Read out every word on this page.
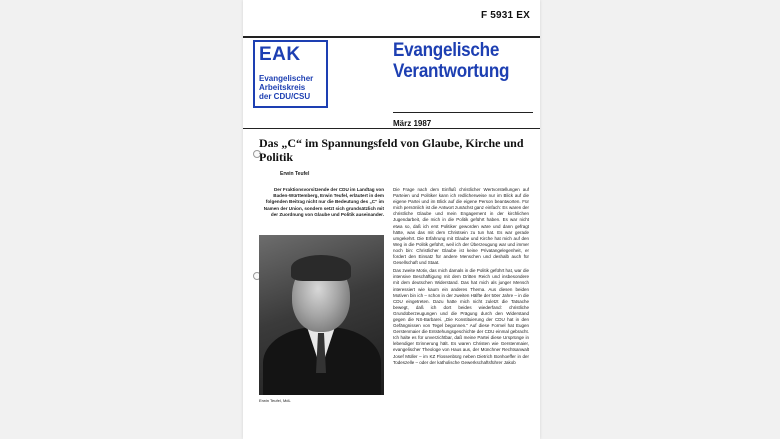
F 5931 EX
EAK
Evangelischer
Arbeitskreis
der CDU/CSU
Evangelische
Verantwortung
März 1987
Das „C“ im Spannungsfeld von Glaube, Kirche und Politik
Erwin Teufel
Der Fraktionsvorsitzende der CDU im Landtag von Baden-Württemberg, Erwin Teufel, erläutert in dem folgenden Beitrag nicht nur die Bedeutung des „C“ im Namen der Union, sondern setzt sich grundsätzlich mit der Zuordnung von Glaube und Politik auseinander.
Erwin Teufel, MdL

Die Frage nach dem Einfluß christlicher Wertvorstellungen auf Parteien und Politiker kann ich redlicherweise nur im Blick auf die eigene Partei und im Blick auf die eigene Person beantworten. Für mich persönlich ist die Antwort zunächst ganz einfach: Es waren der christliche Glaube und mein Engagement in der kirchlichen Jugendarbeit, die mich in die Politik geführt haben. Es war nicht etwa so, daß ich erst Politiker geworden wäre und dann gefragt hätte, was das mit dem Christsein zu tun hat. Es war gerade umgekehrt. Die Erfahrung mit Glaube und Kirche hat mich auf den Weg in die Politik geführt, weil ich der Überzeugung war und immer noch bin: Christlicher Glaube ist keine Privatangelegenheit, er fordert den Einsatz für andere Menschen und deshalb auch für Gesellschaft und Staat.

Das zweite Motiv, das mich damals in die Politik geführt hat, war die intensive Beschäftigung mit dem Dritten Reich und insbesondere mit dem deutschen Widerstand. Das hat mich als junger Mensch interessiert wie kaum ein anderes Thema. Aus diesen beiden Motiven bin ich – schon in der zweiten Hälfte der 50er Jahre – in die CDU eingetreten. Dazu hatte mich nicht zuletzt die Tatsache bewegt, daß ich dort beides wiederfand: christliche Grundüberzeugungen und die Prägung durch den Widerstand gegen die NS-Barbarei. „Die Konstituierung der CDU hat in den Gefängnissen von Tegel begonnen.“ Auf diese Formel hat Eugen Gerstenmaier die Entstehungsgeschichte der CDU einmal gebracht. Ich halte es für unverzichtbar, daß meine Partei diese Ursprünge in lebendiger Erinnerung hält. Es waren Christen wie Gerstenmaier, evangelischer Theologe von Haus aus, der Münchner Rechtsanwalt Josef Müller – im KZ Flossenbürg neben Dietrich Bonhoeffer in der Todeszelle – oder der katholische Gewerkschaftsführer Jakob
